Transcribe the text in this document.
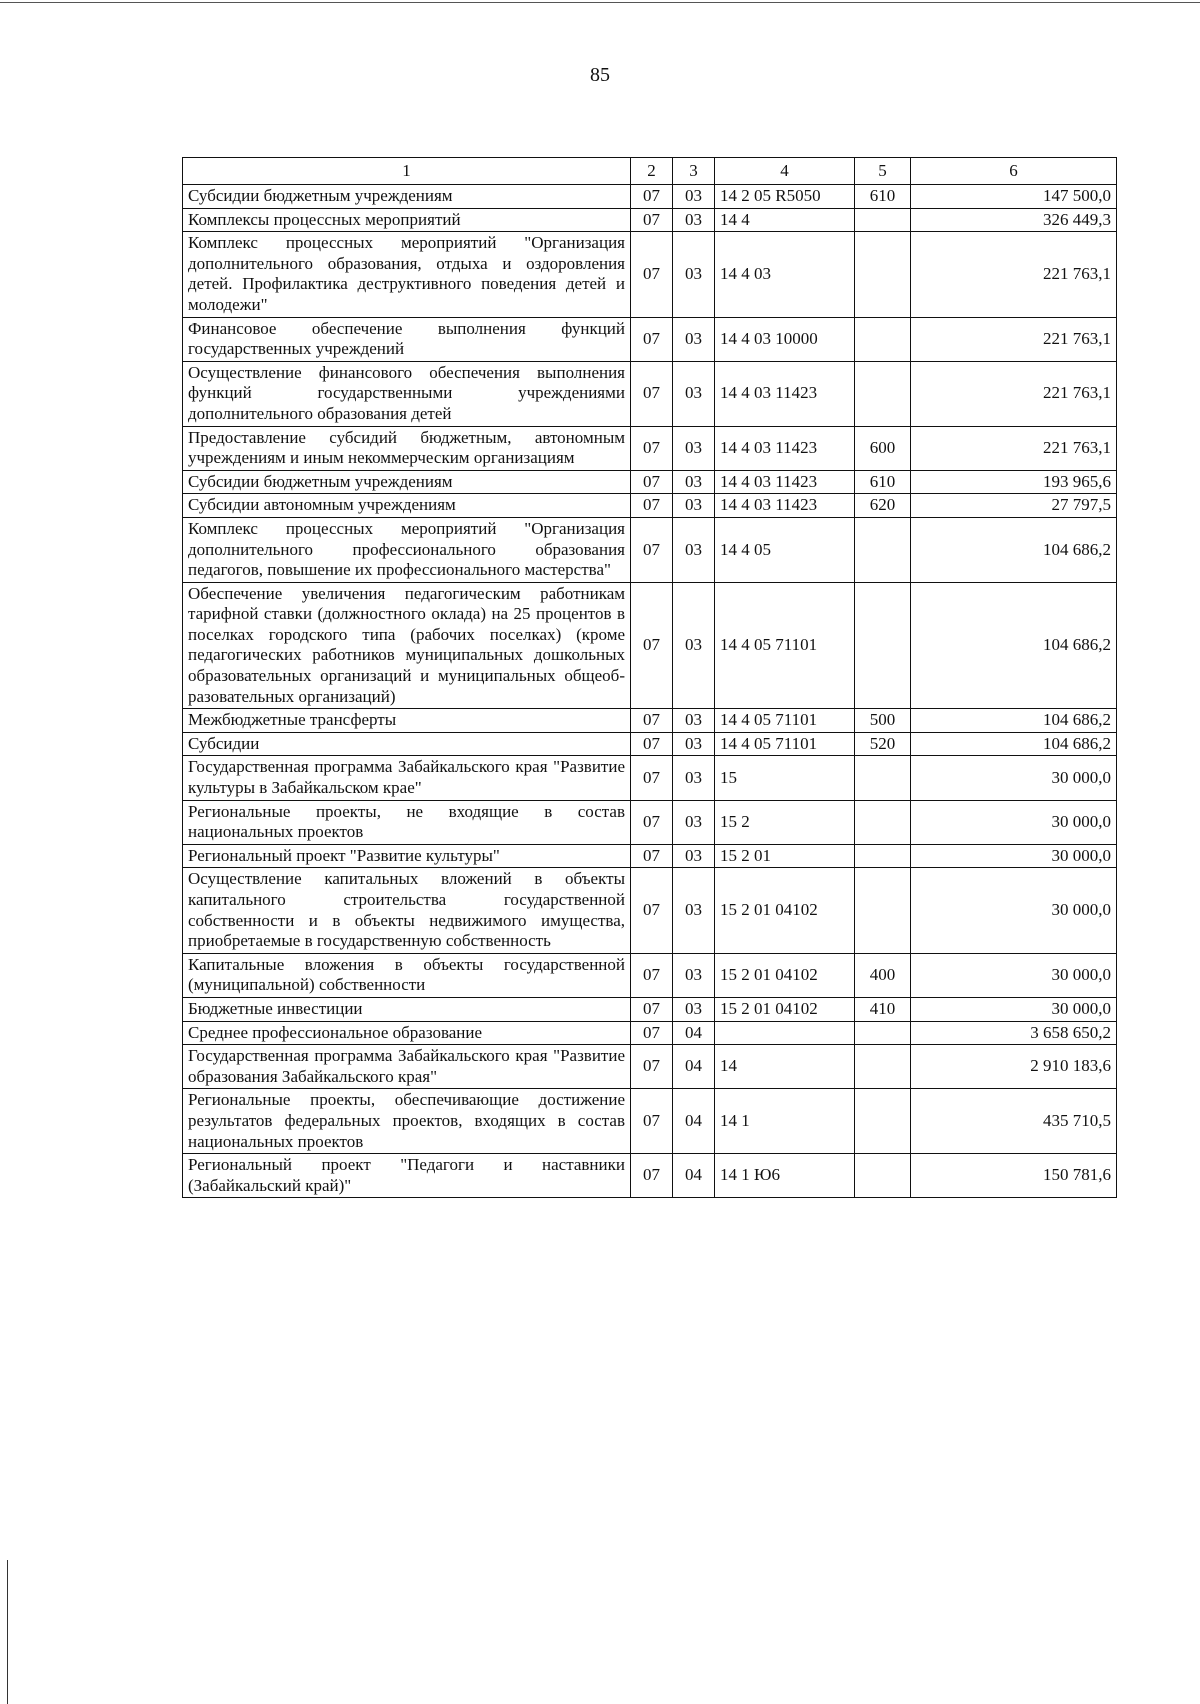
85
1	2	3	4	5	6
Субсидии бюджетным учреждениям	07	03	14 2 05 R5050	610	147 500,0
Комплексы процессных мероприятий	07	03	14 4		326 449,3
Комплекс процессных мероприятий "Организация дополнительного образования, отдыха и оздоровления детей. Профилактика деструктивного поведения детей и молодежи"	07	03	14 4 03		221 763,1
Финансовое обеспечение выполнения функций государственных учреждений	07	03	14 4 03 10000		221 763,1
Осуществление финансового обеспечения выполнения функций государственными учреждениями дополнительного образования детей	07	03	14 4 03 11423		221 763,1
Предоставление субсидий бюджетным, автономным учреждениям и иным некоммерческим организациям	07	03	14 4 03 11423	600	221 763,1
Субсидии бюджетным учреждениям	07	03	14 4 03 11423	610	193 965,6
Субсидии автономным учреждениям	07	03	14 4 03 11423	620	27 797,5
Комплекс процессных мероприятий "Организация дополнительного профессионального образования педагогов, повышение их профессионального мастерства"	07	03	14 4 05		104 686,2
Обеспечение увеличения педагогическим работникам тарифной ставки (должностного оклада) на 25 процентов в поселках городского типа (рабочих поселках) (кроме педагогических работников муниципальных дошкольных образовательных организаций и муниципальных общеобразовательных организаций)	07	03	14 4 05 71101		104 686,2
Межбюджетные трансферты	07	03	14 4 05 71101	500	104 686,2
Субсидии	07	03	14 4 05 71101	520	104 686,2
Государственная программа Забайкальского края "Развитие культуры в Забайкальском крае"	07	03	15		30 000,0
Региональные проекты, не входящие в состав национальных проектов	07	03	15 2		30 000,0
Региональный проект "Развитие культуры"	07	03	15 2 01		30 000,0
Осуществление капитальных вложений в объекты капитального строительства государственной собственности и в объекты недвижимого имущества, приобретаемые в государственную собственность	07	03	15 2 01 04102		30 000,0
Капитальные вложения в объекты государственной (муниципальной) собственности	07	03	15 2 01 04102	400	30 000,0
Бюджетные инвестиции	07	03	15 2 01 04102	410	30 000,0
Среднее профессиональное образование	07	04			3 658 650,2
Государственная программа Забайкальского края "Развитие образования Забайкальского края"	07	04	14		2 910 183,6
Региональные проекты, обеспечивающие достижение результатов федеральных проектов, входящих в состав национальных проектов	07	04	14 1		435 710,5
Региональный проект "Педагоги и наставники (Забайкальский край)"	07	04	14 1 Ю6		150 781,6
